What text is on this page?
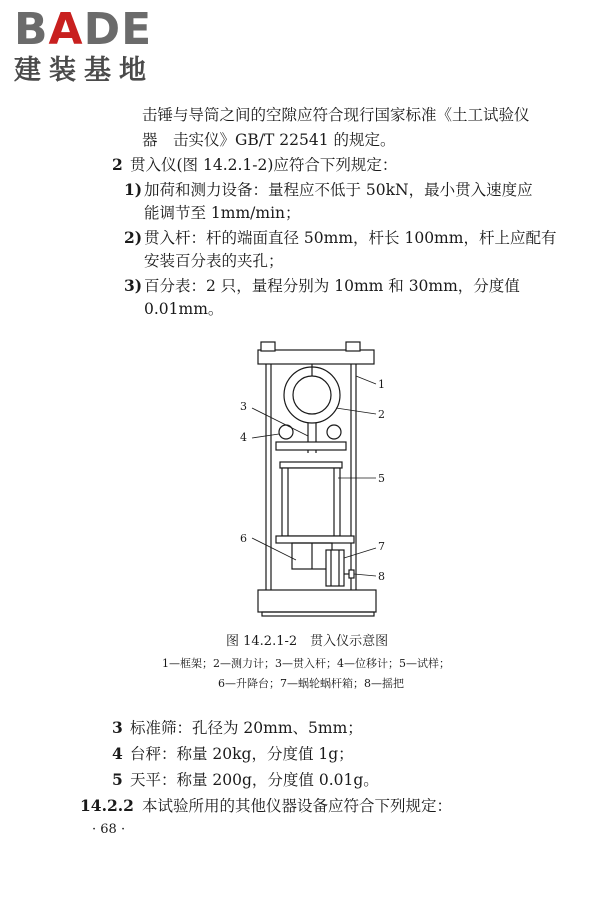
BADE
建装基地
击锤与导筒之间的空隙应符合现行国家标准《土工试验仪
器　击实仪》GB/T 22541 的规定。
2 贯入仪(图 14.2.1-2)应符合下列规定：
1) 加荷和测力设备：量程应不低于 50kN，最小贯入速度应
能调节至 1mm/min；
2) 贯入杆：杆的端面直径 50mm，杆长 100mm，杆上应配有
安装百分表的夹孔；
3) 百分表：2 只，量程分别为 10mm 和 30mm，分度值
0.01mm。
1
2
3
4
5
6
7
8
图 14.2.1-2　贯入仪示意图
1—框架；2—测力计；3—贯入杆；4—位移计；5—试样；
6—升降台；7—蜗轮蜗杆箱；8—摇把
3 标准筛：孔径为 20mm、5mm；
4 台秤：称量 20kg，分度值 1g；
5 天平：称量 200g，分度值 0.01g。
14.2.2 本试验所用的其他仪器设备应符合下列规定：
· 68 ·
